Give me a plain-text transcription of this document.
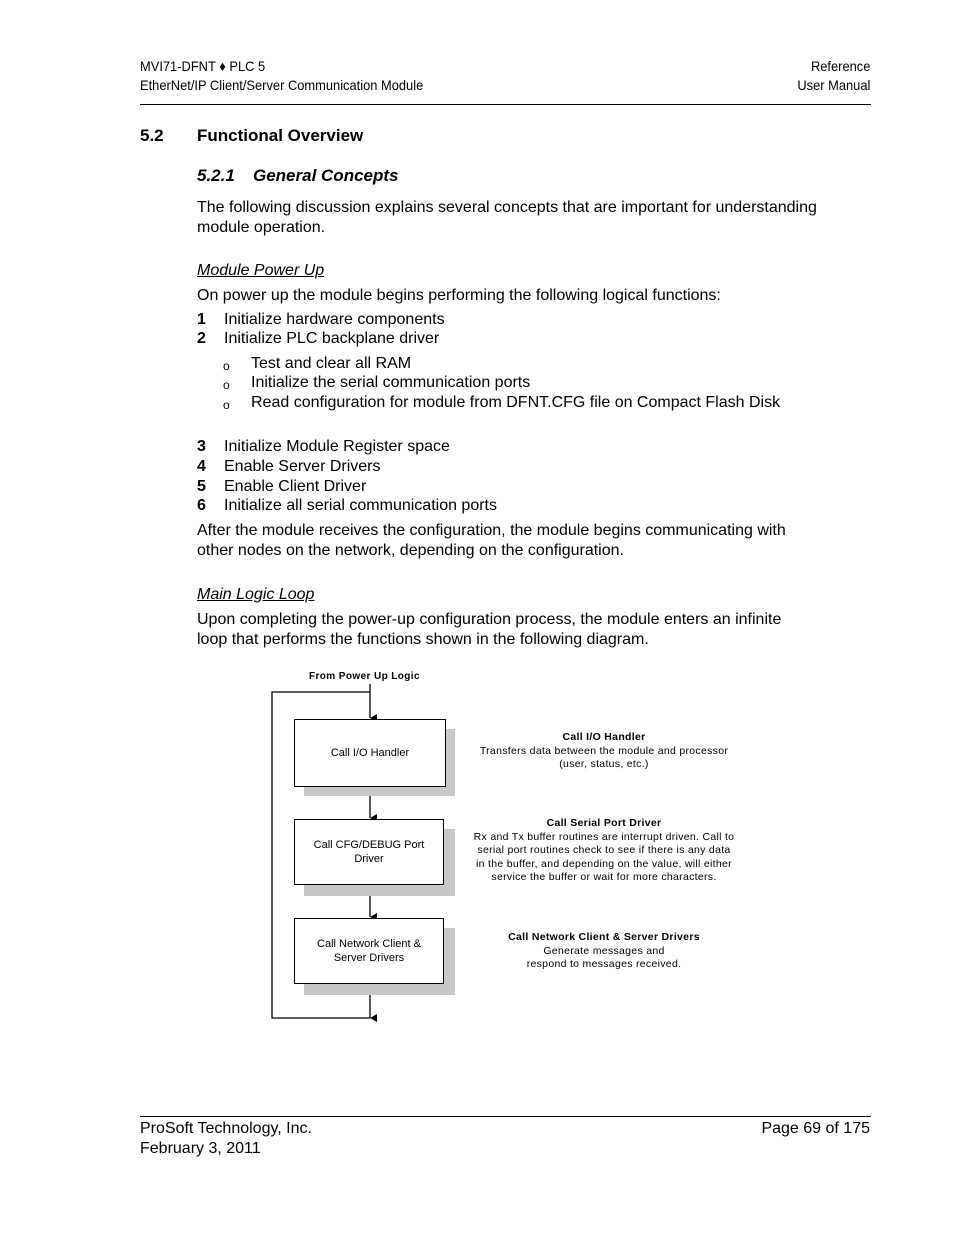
MVI71-DFNT ♦ PLC 5
EtherNet/IP Client/Server Communication Module
Reference
User Manual
5.2 Functional Overview
5.2.1 General Concepts
The following discussion explains several concepts that are important for understanding module operation.
Module Power Up
On power up the module begins performing the following logical functions:
1 Initialize hardware components
2 Initialize PLC backplane driver
o Test and clear all RAM
o Initialize the serial communication ports
o Read configuration for module from DFNT.CFG file on Compact Flash Disk
3 Initialize Module Register space
4 Enable Server Drivers
5 Enable Client Driver
6 Initialize all serial communication ports
After the module receives the configuration, the module begins communicating with other nodes on the network, depending on the configuration.
Main Logic Loop
Upon completing the power-up configuration process, the module enters an infinite loop that performs the functions shown in the following diagram.
From Power Up Logic
Call I/O Handler
Call CFG/DEBUG Port Driver
Call Network Client & Server Drivers
Call I/O Handler
Transfers data between the module and processor
(user, status, etc.)
Call Serial Port Driver
Rx and Tx buffer routines are interrupt driven. Call to
serial port routines check to see if there is any data
in the buffer, and depending on the value, will either
service the buffer or wait for more characters.
Call Network Client & Server Drivers
Generate messages and
respond to messages received.
ProSoft Technology, Inc.
February 3, 2011
Page 69 of 175
